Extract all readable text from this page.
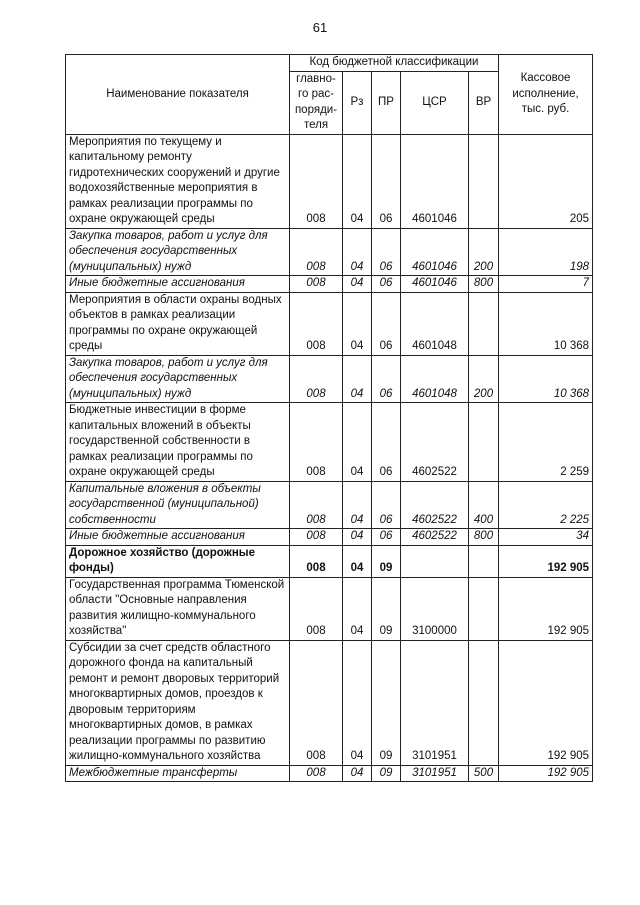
61
Наименование показателя	Код бюджетной классификации					Кассовое
исполнение,
тыс. руб.
	главно-
го рас-
поряди-
теля	Рз	ПР	ЦСР	ВР	
Мероприятия по текущему и капитальному ремонту гидротехнических сооружений и другие водохозяйственные мероприятия в рамках реализации программы по охране окружающей среды	008	04	06	4601046		205
Закупка товаров, работ и услуг для обеспечения государственных (муниципальных) нужд	008	04	06	4601046	200	198
Иные бюджетные ассигнования	008	04	06	4601046	800	7
Мероприятия в области охраны водных объектов в рамках реализации программы по охране окружающей среды	008	04	06	4601048		10 368
Закупка товаров, работ и услуг для обеспечения государственных (муниципальных) нужд	008	04	06	4601048	200	10 368
Бюджетные инвестиции в форме капитальных вложений в объекты государственной собственности в рамках реализации программы по охране окружающей среды	008	04	06	4602522		2 259
Капитальные вложения в объекты государственной (муниципальной) собственности	008	04	06	4602522	400	2 225
Иные бюджетные ассигнования	008	04	06	4602522	800	34
Дорожное хозяйство (дорожные фонды)	008	04	09			192 905
Государственная программа Тюменской области "Основные направления развития жилищно-коммунального хозяйства"	008	04	09	3100000		192 905
Субсидии за счет средств областного дорожного фонда на капитальный ремонт и ремонт дворовых территорий многоквартирных домов, проездов к дворовым территориям многоквартирных домов, в рамках реализации программы по развитию жилищно-коммунального хозяйства	008	04	09	3101951		192 905
Межбюджетные трансферты	008	04	09	3101951	500	192 905
